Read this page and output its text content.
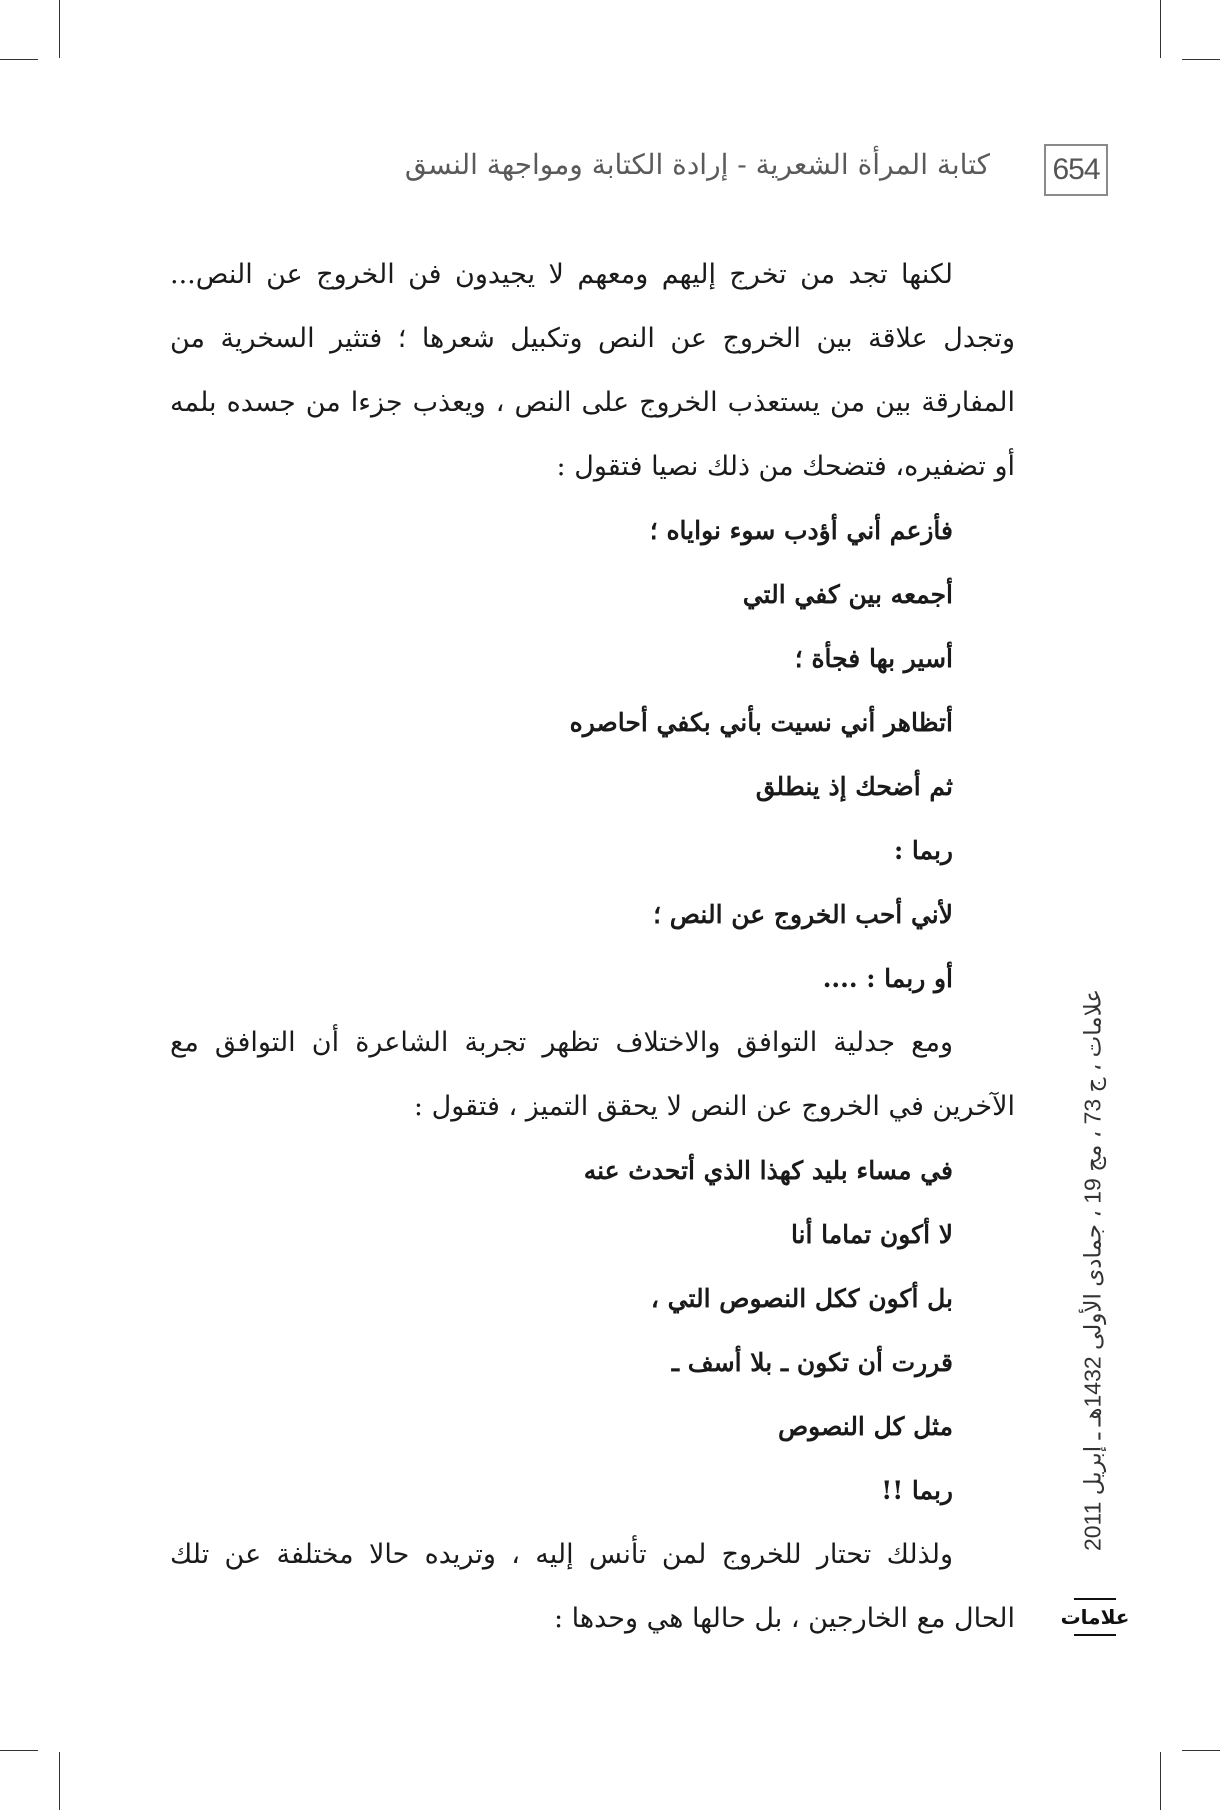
654
كتابة المرأة الشعرية - إرادة الكتابة ومواجهة النسق
لكنها تجد من تخرج إليهم ومعهم لا يجيدون فن الخروج عن النص...
وتجدل علاقة بين الخروج عن النص وتكبيل شعرها ؛ فتثير السخرية من
المفارقة بين من يستعذب الخروج على النص ، ويعذب جزءا من جسده بلمه
أو تضفيره، فتضحك من ذلك نصيا فتقول :
فأزعم أني أؤدب سوء نواياه ؛
أجمعه بين كفي التي
أسير بها فجأة ؛
أتظاهر أني نسيت بأني بكفي أحاصره
ثم أضحك إذ ينطلق
ربما :
لأني أحب الخروج عن النص ؛
أو ربما : ....
ومع جدلية التوافق والاختلاف تظهر تجربة الشاعرة أن التوافق مع
الآخرين في الخروج عن النص لا يحقق التميز ، فتقول :
في مساء بليد كهذا الذي أتحدث عنه
لا أكون تماما أنا
بل أكون ككل النصوص التي ،
قررت أن تكون ـ بلا أسف ـ
مثل كل النصوص
ربما !!
ولذلك تحتار للخروج لمن تأنس إليه ، وتريده حالا مختلفة عن تلك
الحال مع الخارجين ، بل حالها هي وحدها :
علامات ، ج 73 ، مج 19 ، جمادى الأولى 1432هـ ـ إبريل 2011
علامات
